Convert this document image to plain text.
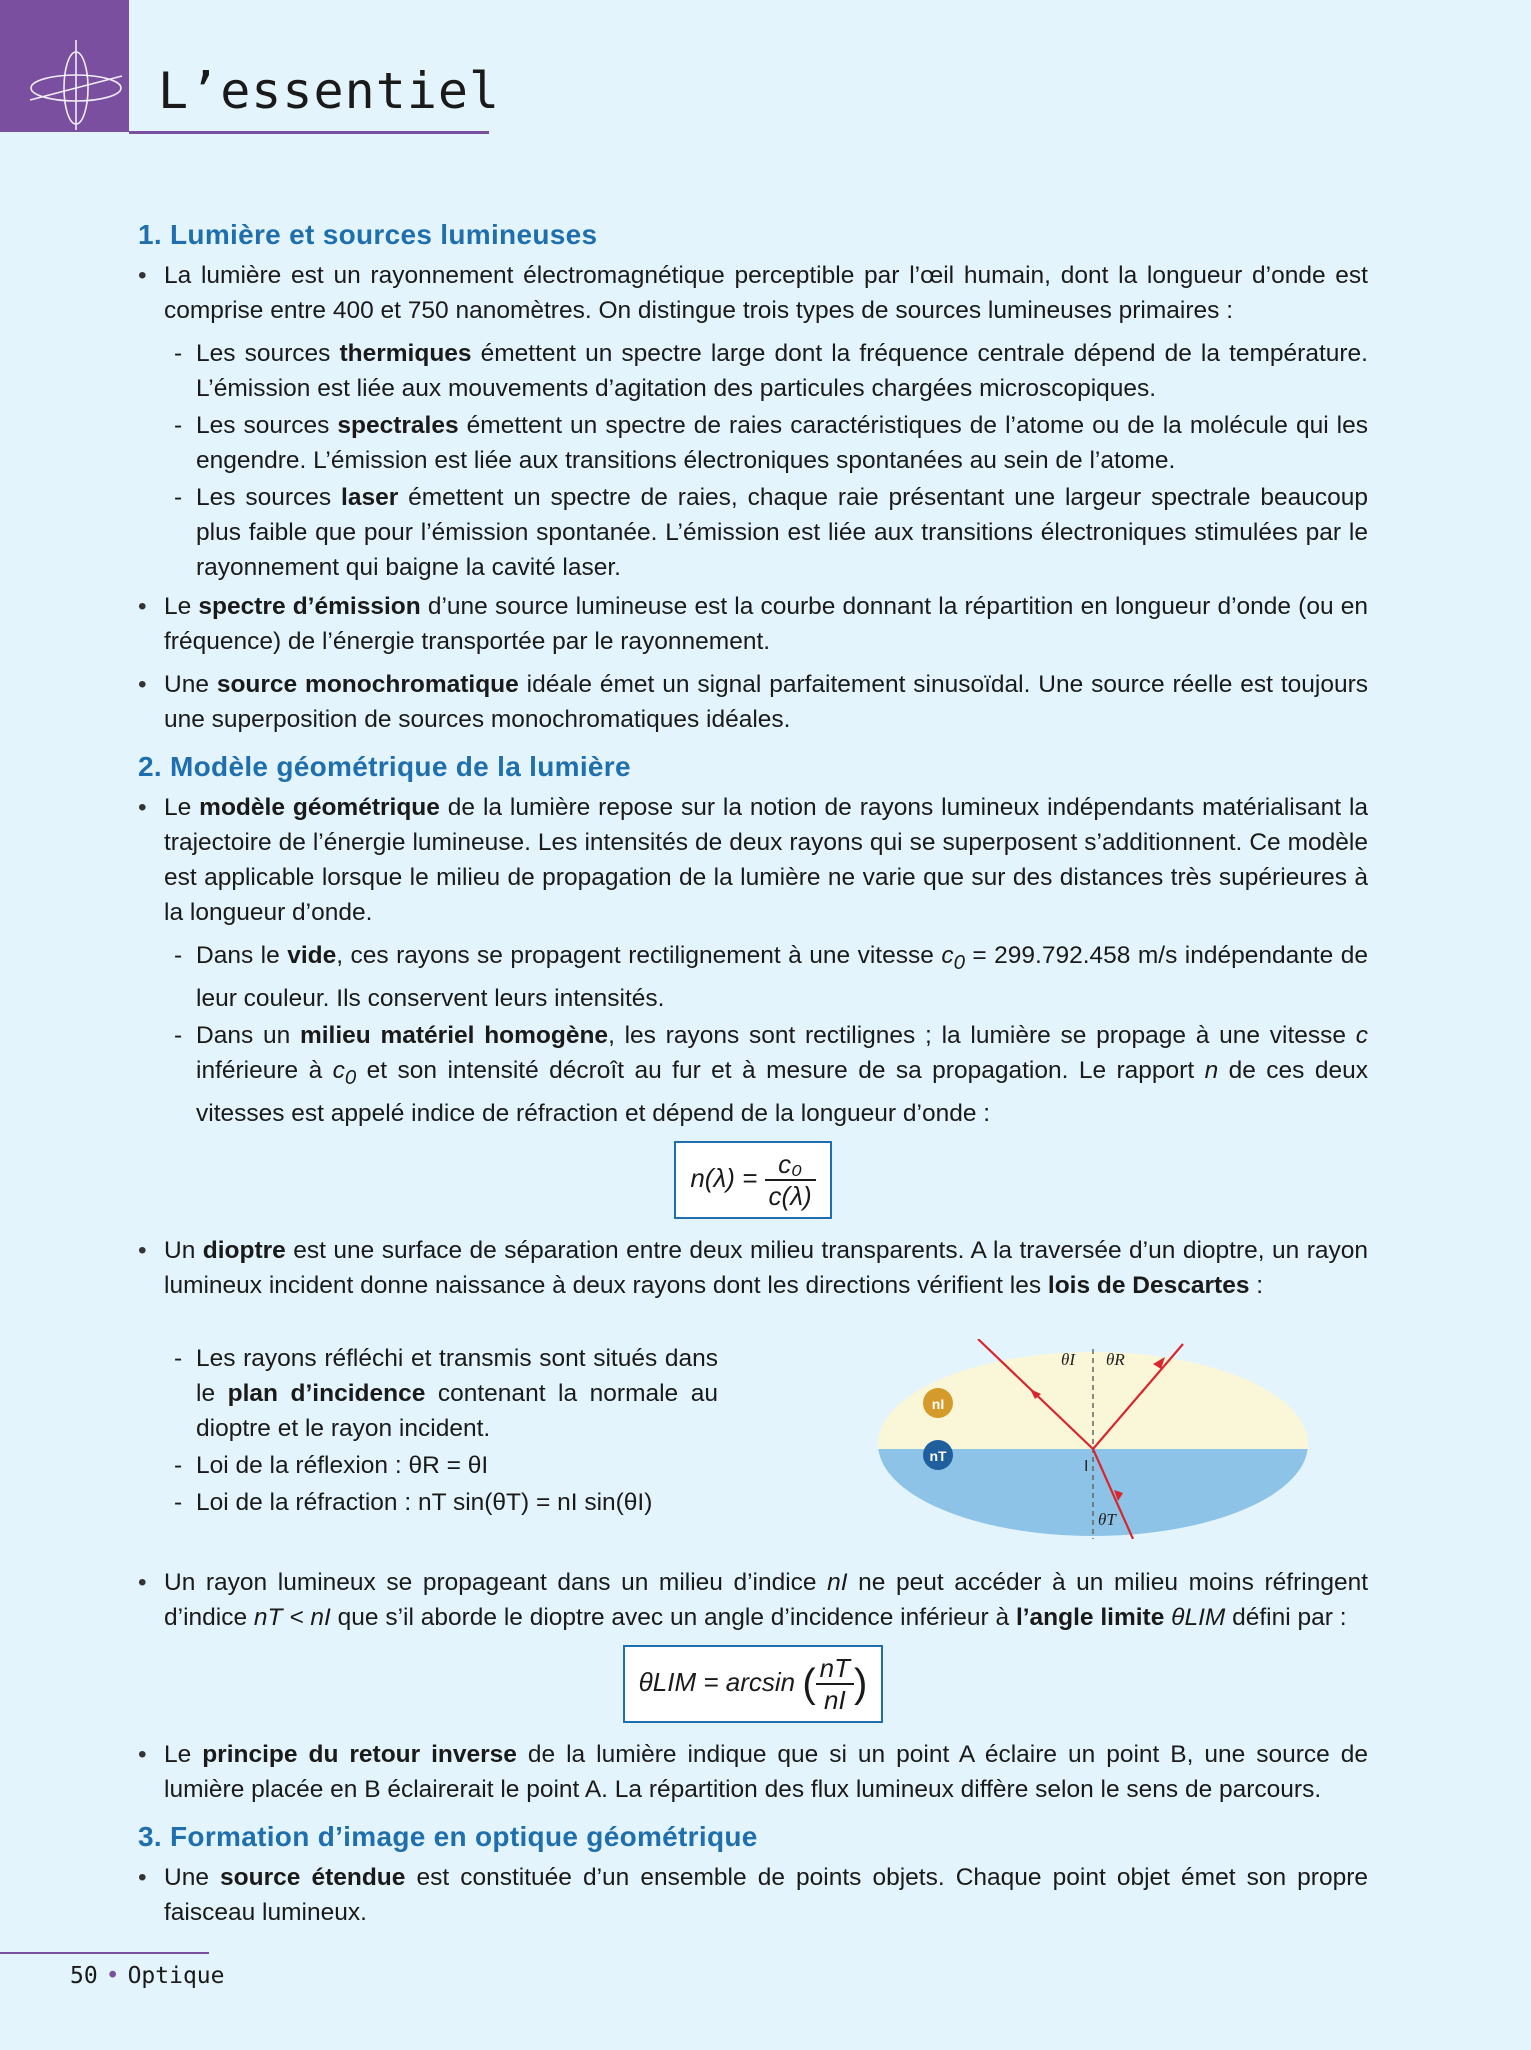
L’essentiel
1. Lumière et sources lumineuses
• La lumière est un rayonnement électromagnétique perceptible par l’œil humain, dont la longueur d’onde est comprise entre 400 et 750 nanomètres. On distingue trois types de sources lumineuses primaires :
- Les sources thermiques émettent un spectre large dont la fréquence centrale dépend de la température. L’émission est liée aux mouvements d’agitation des particules chargées microscopiques.
- Les sources spectrales émettent un spectre de raies caractéristiques de l’atome ou de la molécule qui les engendre. L’émission est liée aux transitions électroniques spontanées au sein de l’atome.
- Les sources laser émettent un spectre de raies, chaque raie présentant une largeur spectrale beaucoup plus faible que pour l’émission spontanée. L’émission est liée aux transitions électroniques stimulées par le rayonnement qui baigne la cavité laser.
• Le spectre d’émission d’une source lumineuse est la courbe donnant la répartition en longueur d’onde (ou en fréquence) de l’énergie transportée par le rayonnement.
• Une source monochromatique idéale émet un signal parfaitement sinusoïdal. Une source réelle est toujours une superposition de sources monochromatiques idéales.
2. Modèle géométrique de la lumière
• Le modèle géométrique de la lumière repose sur la notion de rayons lumineux indépendants matérialisant la trajectoire de l’énergie lumineuse. Les intensités de deux rayons qui se superposent s’additionnent. Ce modèle est applicable lorsque le milieu de propagation de la lumière ne varie que sur des distances très supérieures à la longueur d’onde.
- Dans le vide, ces rayons se propagent rectilignement à une vitesse $c_0 = 299.792.458$ m/s indépendante de leur couleur. Ils conservent leurs intensités.
- Dans un milieu matériel homogène, les rayons sont rectilignes ; la lumière se propage à une vitesse c inférieure à $c_0$ et son intensité décroît au fur et à mesure de sa propagation. Le rapport n de ces deux vitesses est appelé indice de réfraction et dépend de la longueur d’onde :
$n(\lambda) = \frac{\text{c₀}}{c(\lambda)}$
• Un dioptre est une surface de séparation entre deux milieu transparents. A la traversée d’un dioptre, un rayon lumineux incident donne naissance à deux rayons dont les directions vérifient les lois de Descartes :
- Les rayons réfléchi et transmis sont situés dans le plan d’incidence contenant la normale au dioptre et le rayon incident.
- Loi de la réflexion : θR = θI
- Loi de la réfraction : nT sin(θT) = nI sin(θI)
nI
nT
I
θI θR
θT
• Un rayon lumineux se propageant dans un milieu d’indice nI ne peut accéder à un milieu moins réfringent d’indice nT < nI que s’il aborde le dioptre avec un angle d’incidence inférieur à l’angle limite θLIM défini par :
θLIM = arcsin ( $\frac{nT}{nI}$ )
• Le principe du retour inverse de la lumière indique que si un point A éclaire un point B, une source de lumière placée en B éclairerait le point A. La répartition des flux lumineux diffère selon le sens de parcours.
3. Formation d’image en optique géométrique
• Une source étendue est constituée d’un ensemble de points objets. Chaque point objet émet son propre faisceau lumineux.
50 • Optique
